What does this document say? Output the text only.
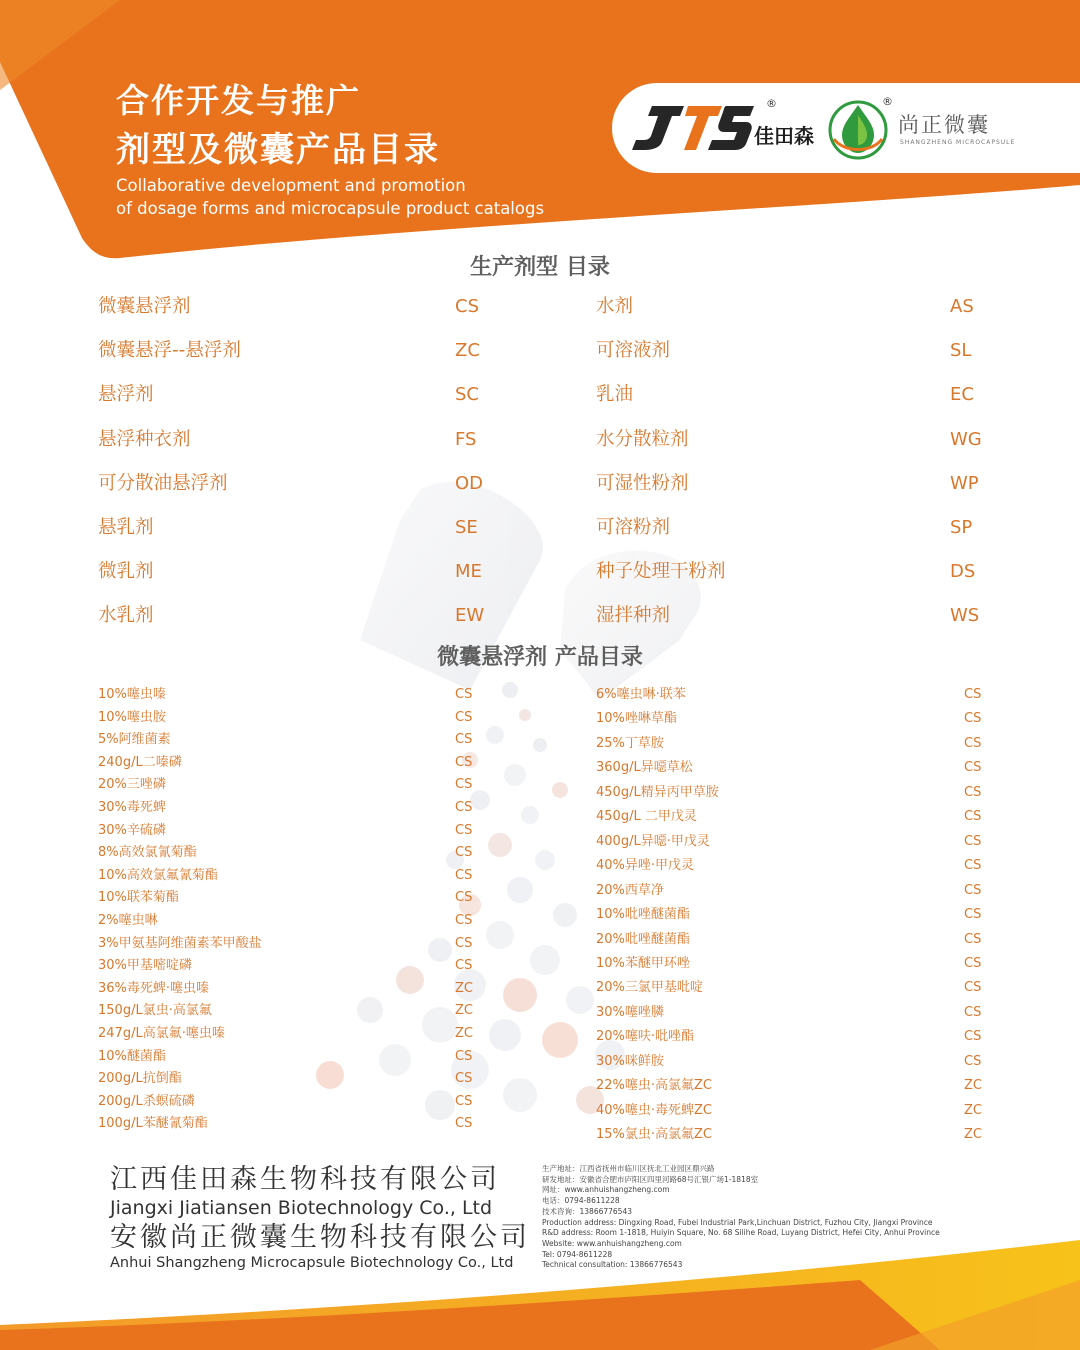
合作开发与推广
剂型及微囊产品目录
Collaborative development and promotion
of dosage forms and microcapsule product catalogs
®
佳田森
®
尚正微囊
SHANGZHENG MICROCAPSULE
生产剂型 目录
微囊悬浮剂	CS
微囊悬浮--悬浮剂	ZC
悬浮剂	SC
悬浮种衣剂	FS
可分散油悬浮剂	OD
悬乳剂	SE
微乳剂	ME
水乳剂	EW
水剂	AS
可溶液剂	SL
乳油	EC
水分散粒剂	WG
可湿性粉剂	WP
可溶粉剂	SP
种子处理干粉剂	DS
湿拌种剂	WS
微囊悬浮剂 产品目录
10%噻虫嗪	CS
10%噻虫胺	CS
5%阿维菌素	CS
240g/L二嗪磷	CS
20%三唑磷	CS
30%毒死蜱	CS
30%辛硫磷	CS
8%高效氯氰菊酯	CS
10%高效氯氟氰菊酯	CS
10%联苯菊酯	CS
2%噻虫啉	CS
3%甲氨基阿维菌素苯甲酸盐	CS
30%甲基嘧啶磷	CS
36%毒死蜱·噻虫嗪	ZC
150g/L氯虫·高氯氟	ZC
247g/L高氯氟·噻虫嗪	ZC
10%醚菌酯	CS
200g/L抗倒酯	CS
200g/L杀螟硫磷	CS
100g/L苯醚氰菊酯	CS
6%噻虫啉·联苯	CS
10%唑啉草酯	CS
25%丁草胺	CS
360g/L异噁草松	CS
450g/L精异丙甲草胺	CS
450g/L 二甲戊灵	CS
400g/L异噁·甲戊灵	CS
40%异唑·甲戊灵	CS
20%西草净	CS
10%吡唑醚菌酯	CS
20%吡唑醚菌酯	CS
10%苯醚甲环唑	CS
20%三氯甲基吡啶	CS
30%噻唑膦	CS
20%噻呋·吡唑酯	CS
30%咪鲜胺	CS
22%噻虫·高氯氟ZC	ZC
40%噻虫·毒死蜱ZC	ZC
15%氯虫·高氯氟ZC	ZC
江西佳田森生物科技有限公司
Jiangxi Jiatiansen Biotechnology Co., Ltd
安徽尚正微囊生物科技有限公司
Anhui Shangzheng Microcapsule Biotechnology Co., Ltd
生产地址：江西省抚州市临川区抚北工业园区鼎兴路
研发地址：安徽省合肥市庐阳区四里河路68号汇银广场1-1818室
网址：www.anhuishangzheng.com
电话：0794-8611228
技术咨询：13866776543
Production address: Dingxing Road, Fubei Industrial Park,Linchuan District, Fuzhou City, Jiangxi Province
R&D address: Room 1-1818, Huiyin Square, No. 68 Silihe Road, Luyang District, Hefei City, Anhui Province
Website: www.anhuishangzheng.com
Tel: 0794-8611228
Technical consultation: 13866776543
